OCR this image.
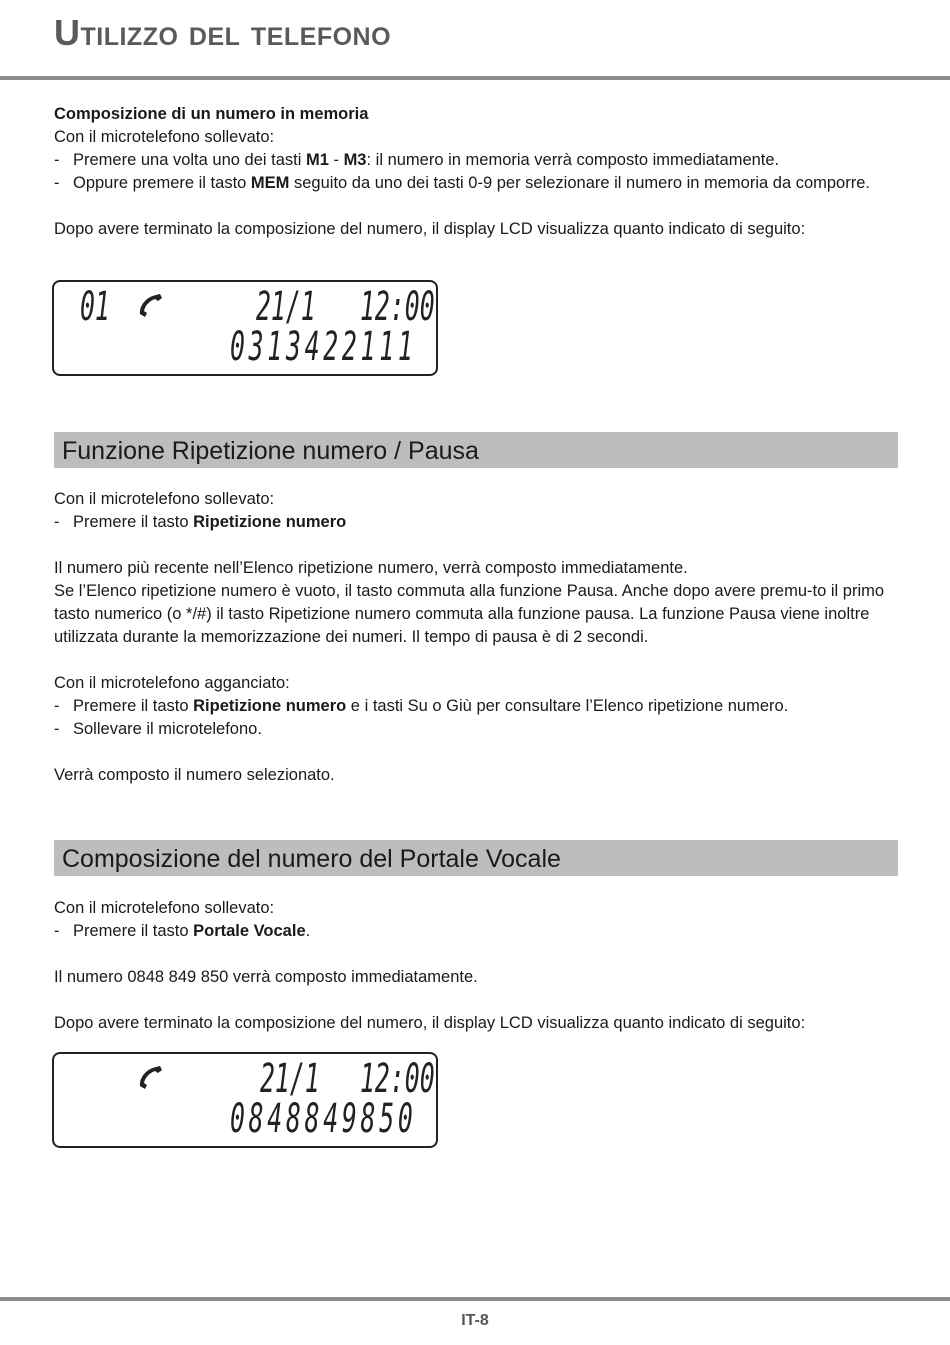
Utilizzo del telefono

Composizione di un numero in memoria

Con il microtelefono sollevato:

- Premere una volta uno dei tasti M1 - M3: il numero in memoria verrà composto immediatamente.
- Oppure premere il tasto MEM seguito da uno dei tasti 0-9 per selezionare il numero in memoria da comporre.

Dopo avere terminato la composizione del numero, il display LCD visualizza quanto indicato di seguito:

01	21/1 12:00
0313422111
Funzione Ripetizione numero / Pausa

Con il microtelefono sollevato:

- Premere il tasto Ripetizione numero

Il numero più recente nell’Elenco ripetizione numero, verrà composto immediatamente.

Se l’Elenco ripetizione numero è vuoto, il tasto commuta alla funzione Pausa. Anche dopo avere premu-to il primo tasto numerico (o */#) il tasto Ripetizione numero commuta alla funzione pausa. La funzione Pausa viene inoltre utilizzata durante la memorizzazione dei numeri. Il tempo di pausa è di 2 secondi.

Con il microtelefono agganciato:

- Premere il tasto Ripetizione numero e i tasti Su o Giù per consultare l’Elenco ripetizione numero.
- Sollevare il microtelefono.

Verrà composto il numero selezionato.

Composizione del numero del Portale Vocale

Con il microtelefono sollevato:

- Premere il tasto Portale Vocale.

Il numero 0848 849 850 verrà composto immediatamente.

Dopo avere terminato la composizione del numero, il display LCD visualizza quanto indicato di seguito:

21/1 12:00
0848849850
IT-8
